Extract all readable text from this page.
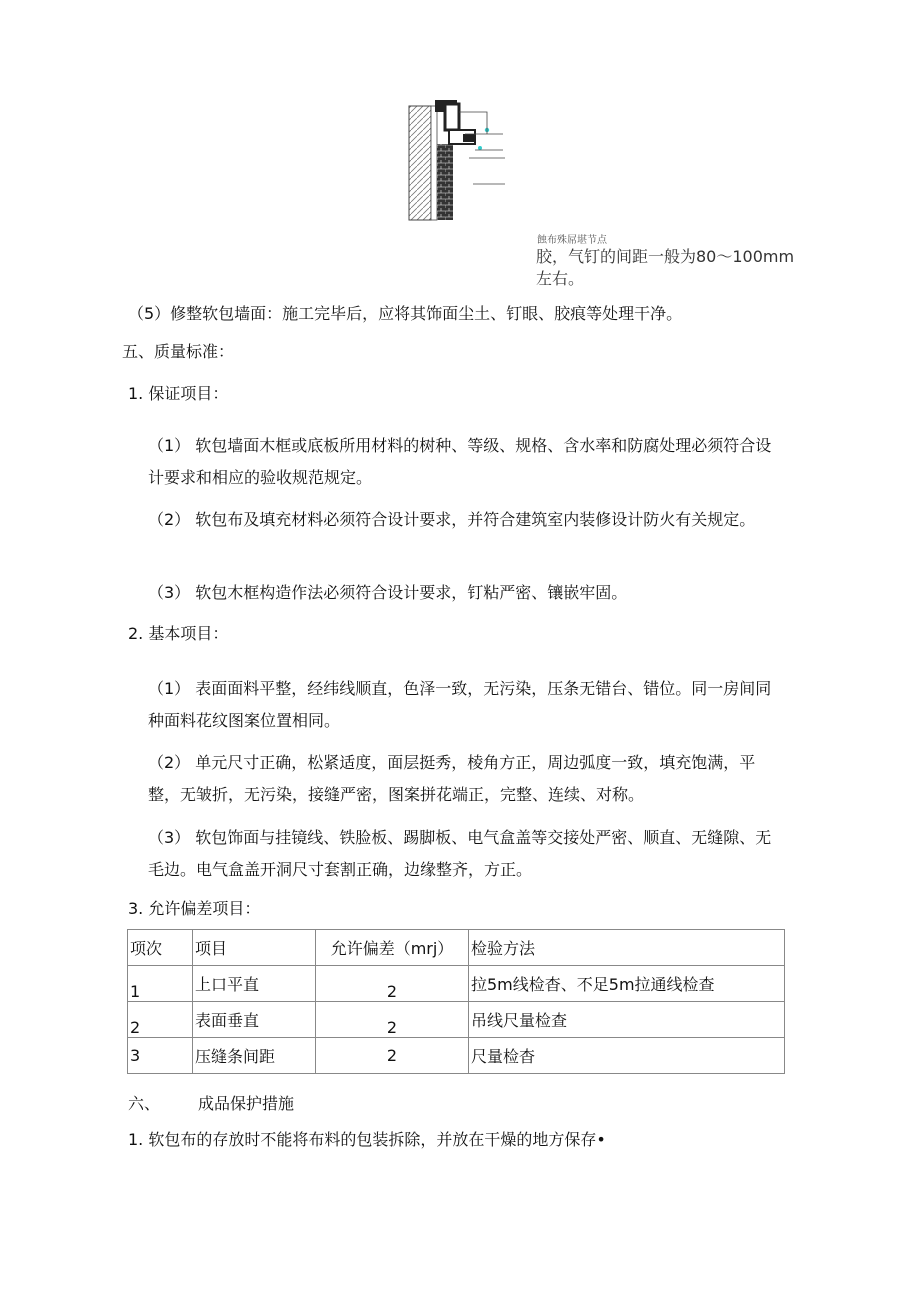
蝕布殊屌堪节点
胶，气钉的间距一般为80～100mm左右。
（5）修整软包墙面：施工完毕后，应将其饰面尘土、钉眼、胶痕等处理干净。
五、质量标准：
1. 保证项目：
（1） 软包墙面木框或底板所用材料的树种、等级、规格、含水率和防腐处理必须符合设计要求和相应的验收规范规定。
（2） 软包布及填充材料必须符合设计要求，并符合建筑室内装修设计防火有关规定。
（3） 软包木框构造作法必须符合设计要求，钉粘严密、镶嵌牢固。
2. 基本项目：
（1） 表面面料平整，经纬线顺直，色泽一致，无污染，压条无错台、错位。同一房间同种面料花纹图案位置相同。
（2） 单元尺寸正确，松紧适度，面层挺秀，棱角方正，周边弧度一致，填充饱满，平整，无皱折，无污染，接缝严密，图案拼花端正，完整、连续、对称。
（3） 软包饰面与挂镜线、铁脸板、踢脚板、电气盒盖等交接处严密、顺直、无缝隙、无毛边。电气盒盖开洞尺寸套割正确，边缘整齐，方正。
3. 允许偏差项目：
项次	项目	允许偏差（mrj）	检验方法
1	上口平直	2	拉5m线检杳、不足5m拉通线检查
2	表面垂直	2	吊线尺量检查
3	压缝条间距	2	尺量检杳
六、 成品保护措施
1. 软包布的存放时不能将布料的包装拆除，并放在干燥的地方保存•
